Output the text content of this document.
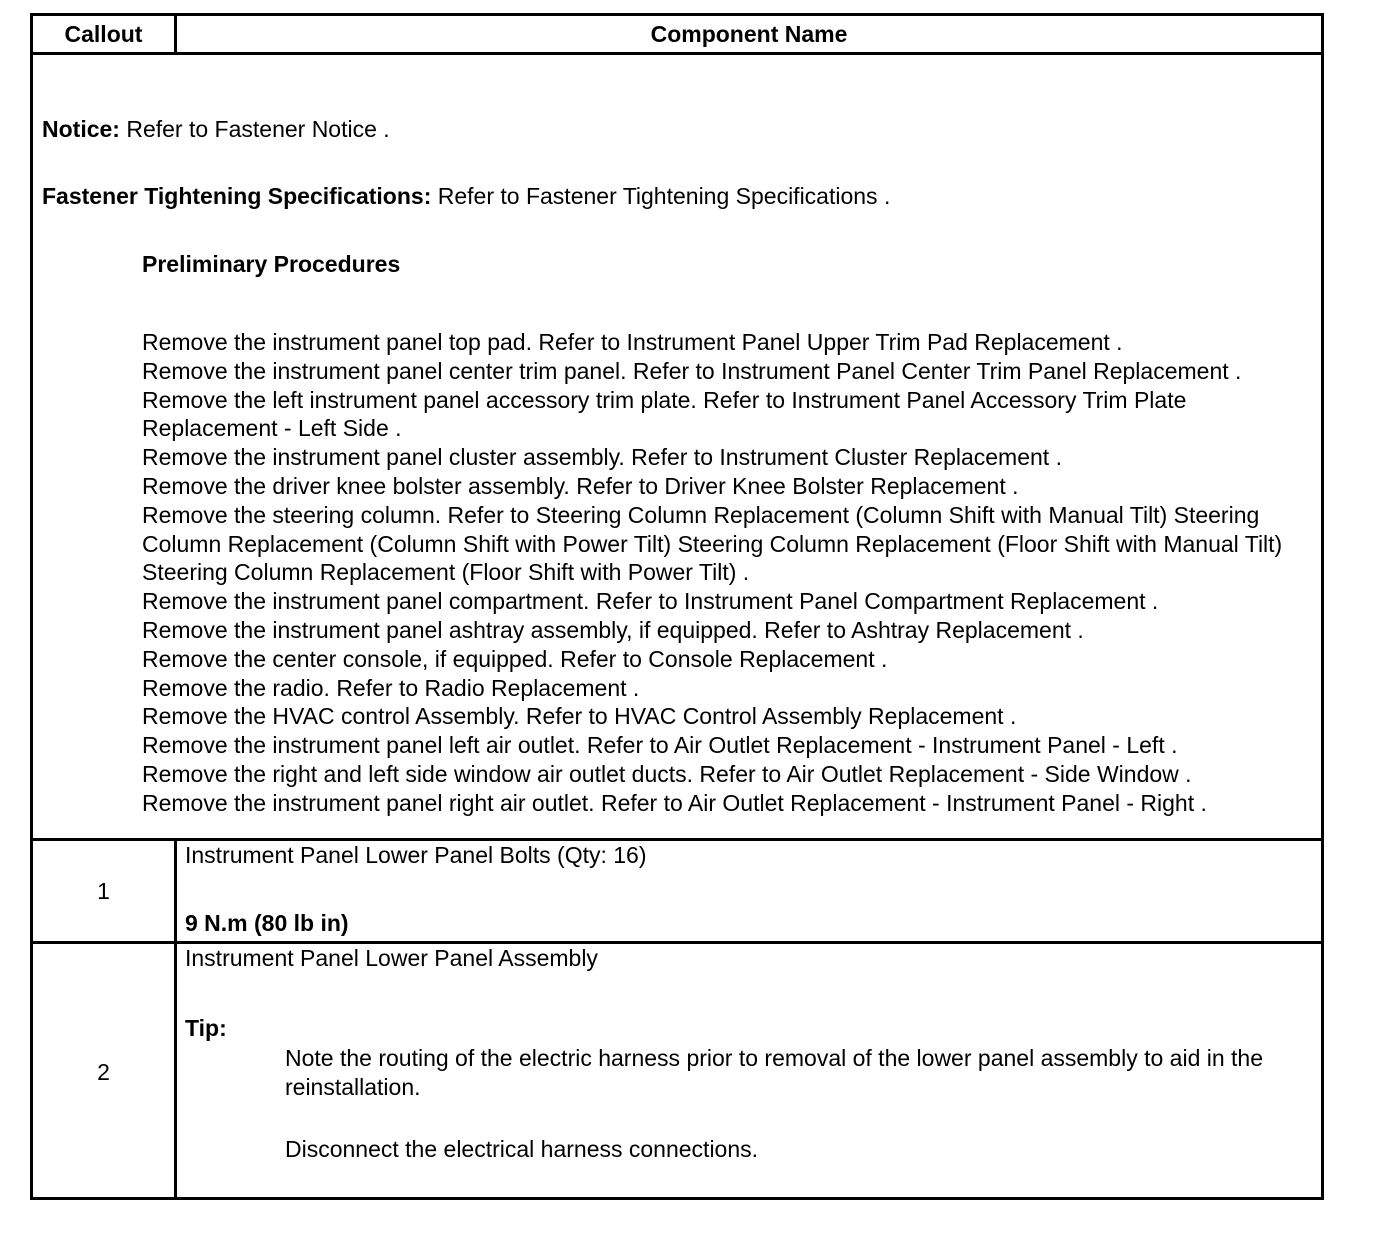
Callout	Component Name
Notice: Refer to Fastener Notice .
Fastener Tightening Specifications: Refer to Fastener Tightening Specifications .
Preliminary Procedures
Remove the instrument panel top pad. Refer to Instrument Panel Upper Trim Pad Replacement .
Remove the instrument panel center trim panel. Refer to Instrument Panel Center Trim Panel Replacement .
Remove the left instrument panel accessory trim plate. Refer to Instrument Panel Accessory Trim Plate Replacement - Left Side .
Remove the instrument panel cluster assembly. Refer to Instrument Cluster Replacement .
Remove the driver knee bolster assembly. Refer to Driver Knee Bolster Replacement .
Remove the steering column. Refer to Steering Column Replacement (Column Shift with Manual Tilt) Steering Column Replacement (Column Shift with Power Tilt) Steering Column Replacement (Floor Shift with Manual Tilt) Steering Column Replacement (Floor Shift with Power Tilt) .
Remove the instrument panel compartment. Refer to Instrument Panel Compartment Replacement .
Remove the instrument panel ashtray assembly, if equipped. Refer to Ashtray Replacement .
Remove the center console, if equipped. Refer to Console Replacement .
Remove the radio. Refer to Radio Replacement .
Remove the HVAC control Assembly. Refer to HVAC Control Assembly Replacement .
Remove the instrument panel left air outlet. Refer to Air Outlet Replacement - Instrument Panel - Left .
Remove the right and left side window air outlet ducts. Refer to Air Outlet Replacement - Side Window .
Remove the instrument panel right air outlet. Refer to Air Outlet Replacement - Instrument Panel - Right .
1
Instrument Panel Lower Panel Bolts (Qty: 16)
9 N.m (80 lb in)
2
Instrument Panel Lower Panel Assembly
Tip:

Note the routing of the electric harness prior to removal of the lower panel assembly to aid in the reinstallation.

Disconnect the electrical harness connections.
